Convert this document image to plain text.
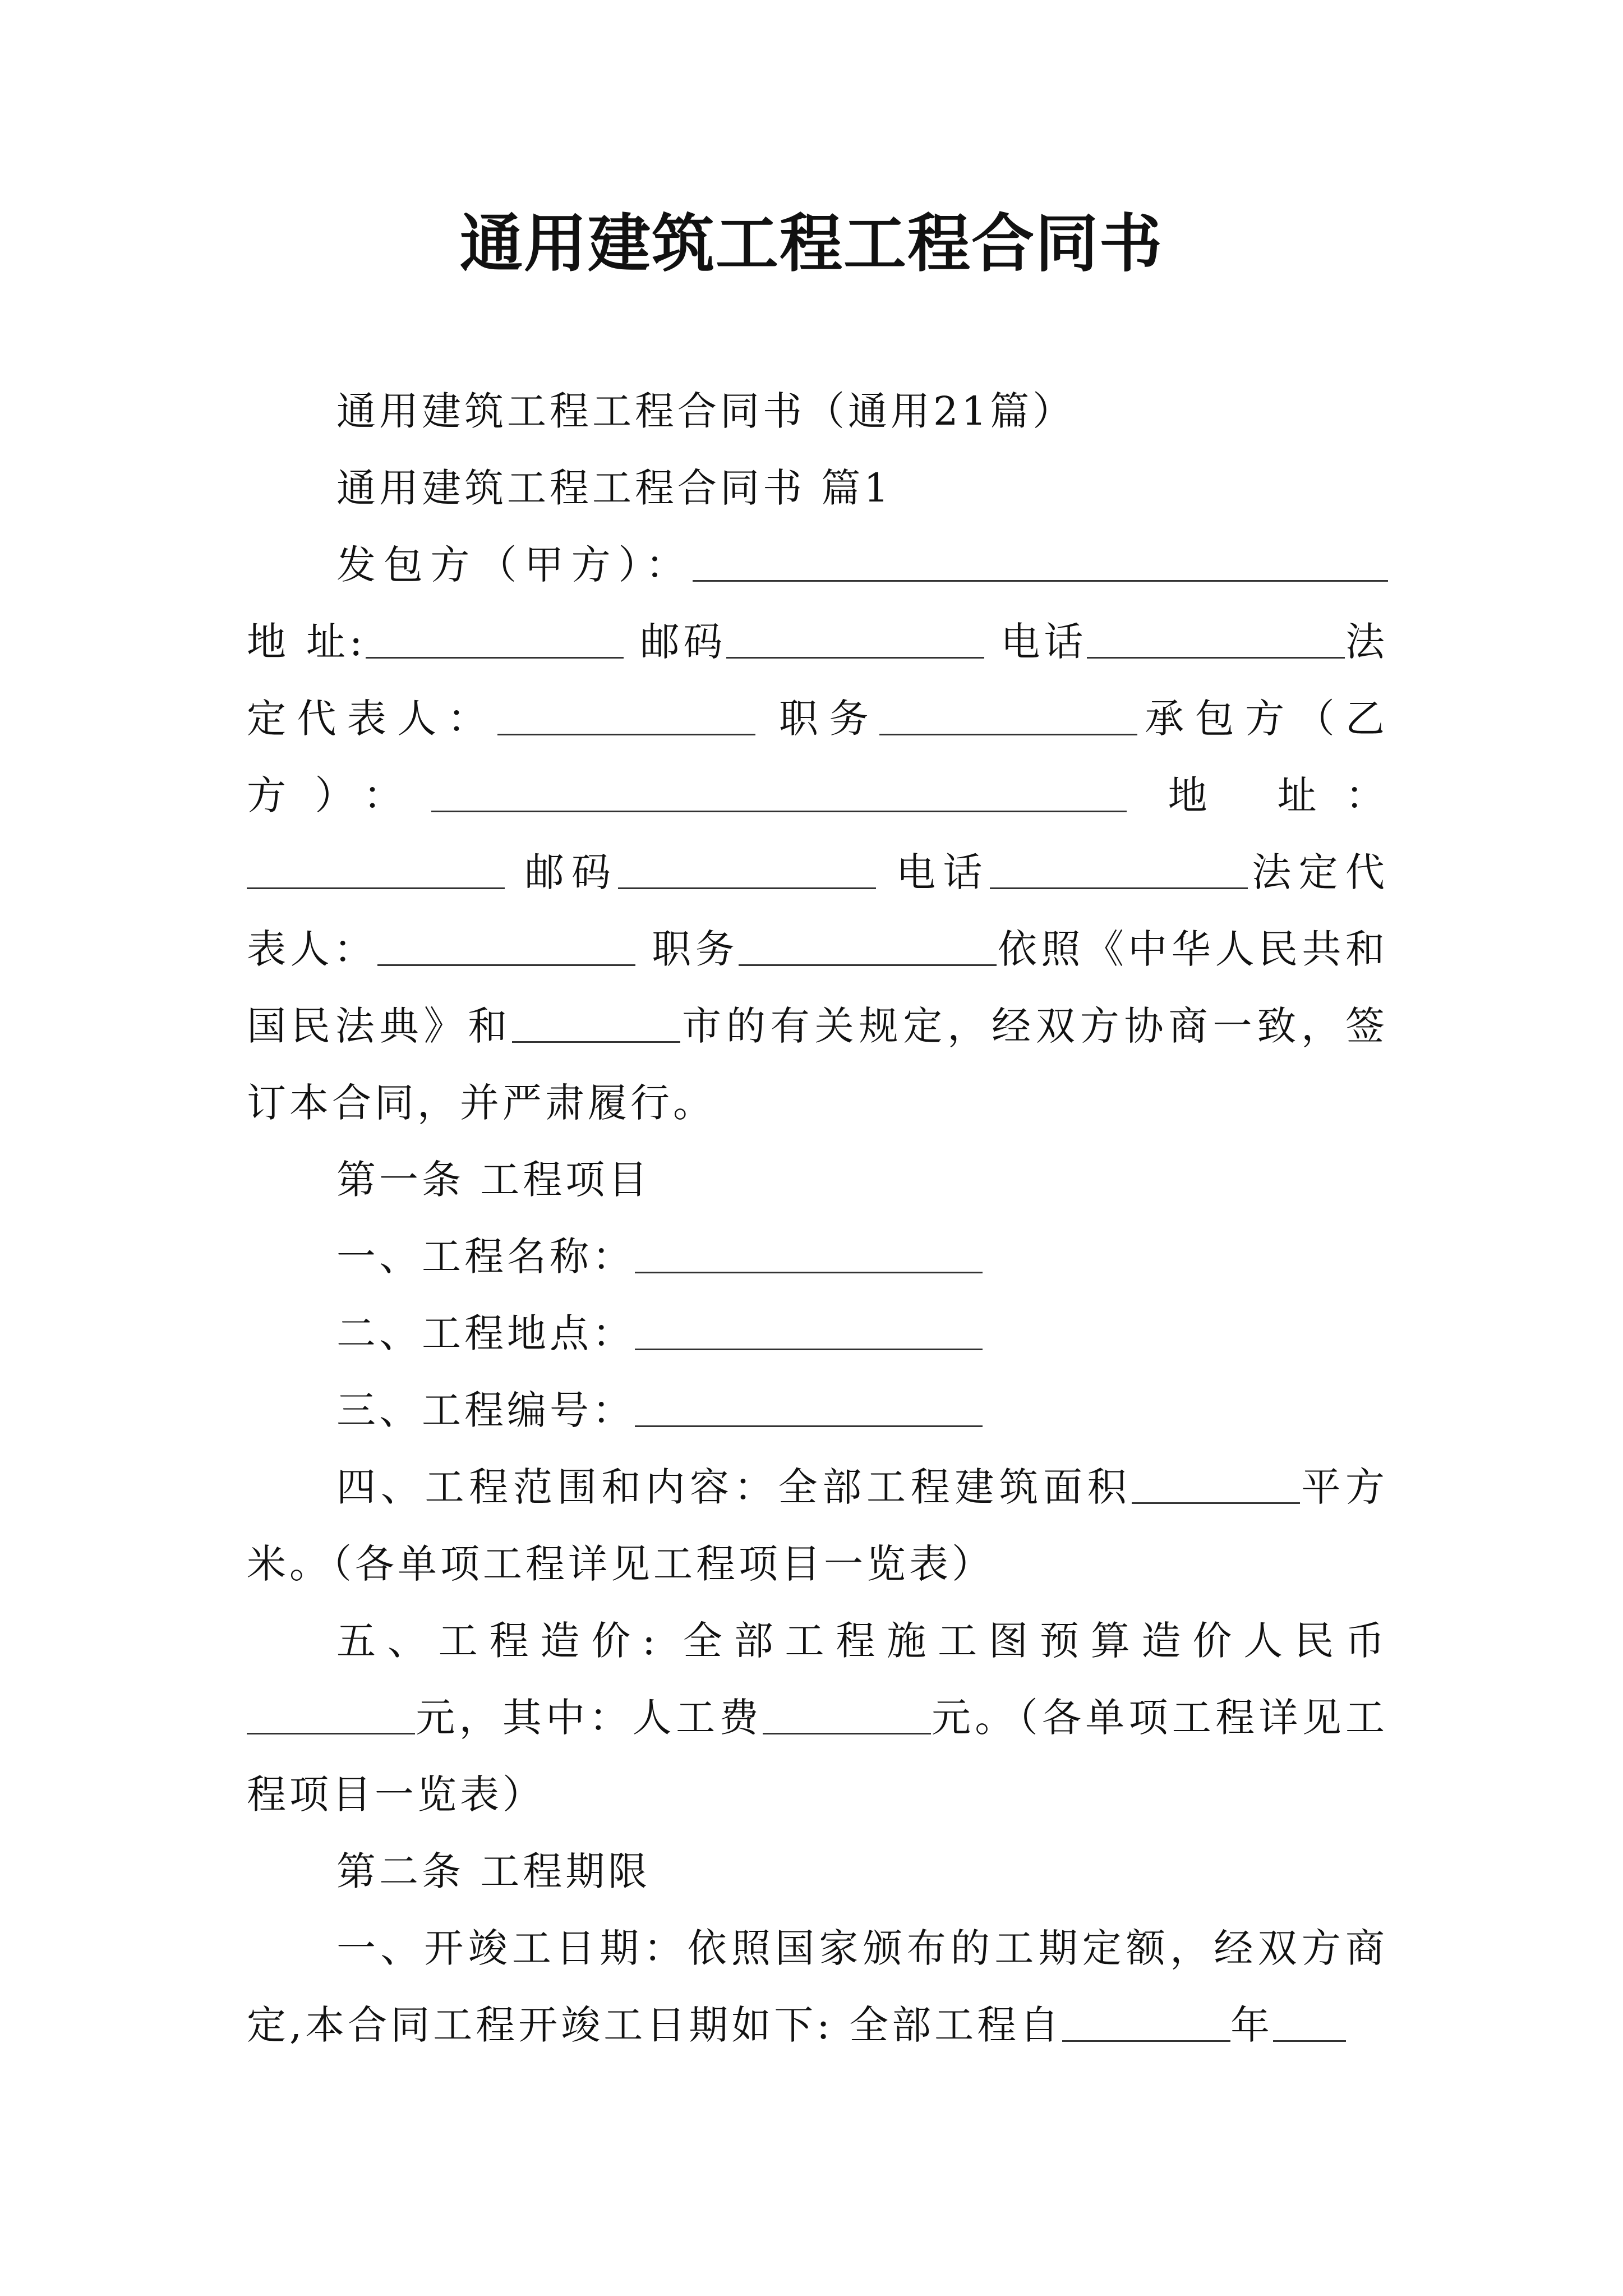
通用建筑工程工程合同书

通用建筑工程工程合同书（通用21篇）

通用建筑工程工程合同书 篇1

发包方（甲方）：地 址:	邮码	电话	法定代表人：	职务	承包方（乙方）：	地 址： 邮码	电话	法定代表人：	职务	依照《中华人民共和国民法典》和	市的有关规定，经双方协商一致，签订本合同，并严肃履行。

第一条 工程项目

一、工程名称：

二、工程地点：

三、工程编号：

四、工程范围和内容：全部工程建筑面积	平方米。（各单项工程详见工程项目一览表）

五、工程造价: 全部工程施工图预算造价人民币元，其中：人工费	元。（各单项工程详见工程项目一览表）

第二条 工程期限

一、开竣工日期：依照国家颁布的工期定额，经双方商定,本合同工程开竣工日期如下: 全部工程自	年
